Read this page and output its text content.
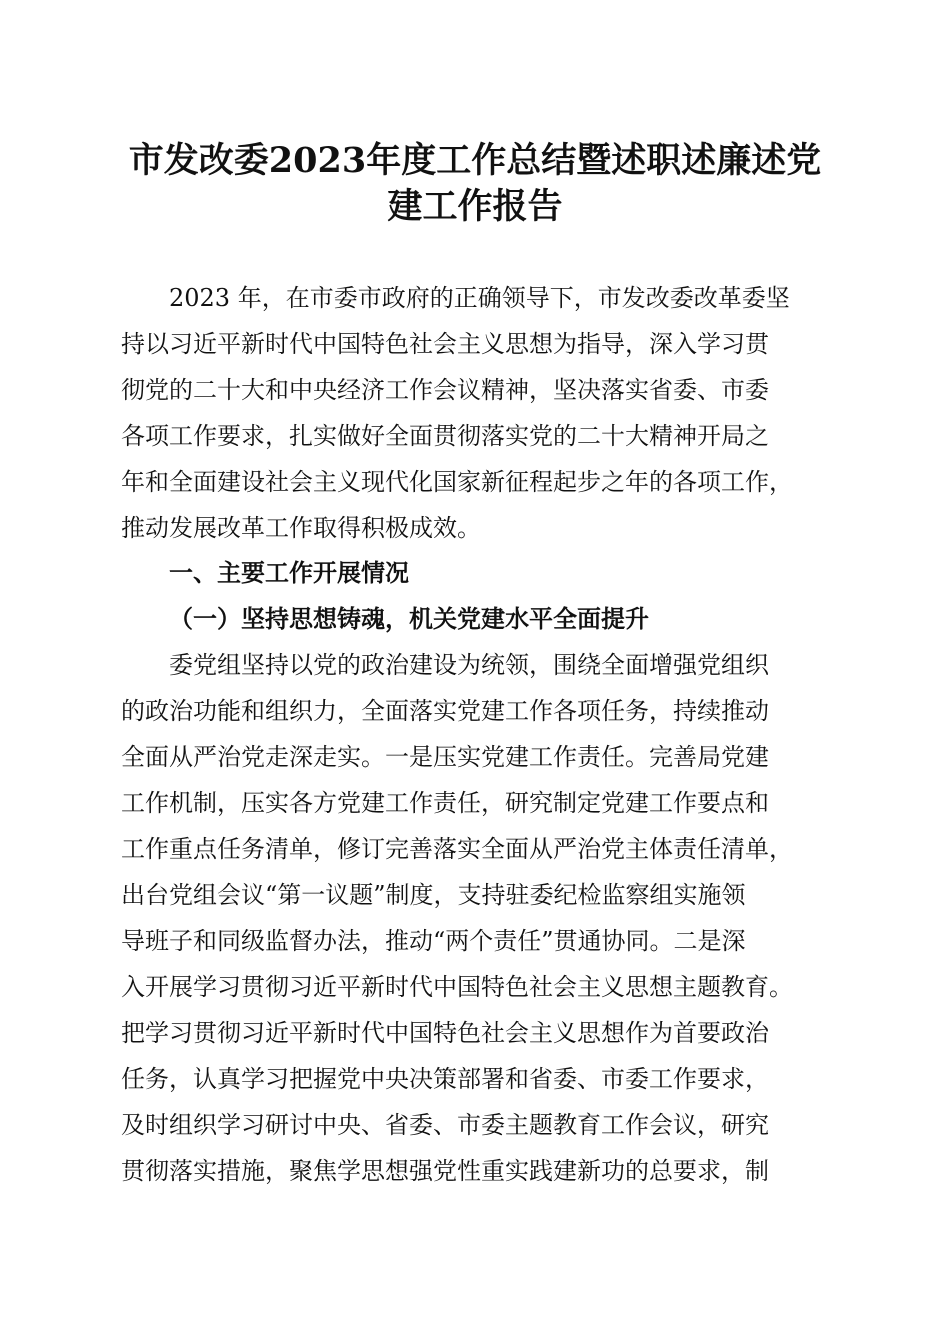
市发改委2023年度工作总结暨述职述廉述党
建工作报告
2023 年，在市委市政府的正确领导下，市发改委改革委坚
持以习近平新时代中国特色社会主义思想为指导，深入学习贯
彻党的二十大和中央经济工作会议精神，坚决落实省委、市委
各项工作要求，扎实做好全面贯彻落实党的二十大精神开局之
年和全面建设社会主义现代化国家新征程起步之年的各项工作，
推动发展改革工作取得积极成效。
一、主要工作开展情况
（一）坚持思想铸魂，机关党建水平全面提升
委党组坚持以党的政治建设为统领，围绕全面增强党组织
的政治功能和组织力，全面落实党建工作各项任务，持续推动
全面从严治党走深走实。一是压实党建工作责任。完善局党建
工作机制，压实各方党建工作责任，研究制定党建工作要点和
工作重点任务清单，修订完善落实全面从严治党主体责任清单，
出台党组会议“第一议题”制度，支持驻委纪检监察组实施领
导班子和同级监督办法，推动“两个责任”贯通协同。二是深
入开展学习贯彻习近平新时代中国特色社会主义思想主题教育。
把学习贯彻习近平新时代中国特色社会主义思想作为首要政治
任务，认真学习把握党中央决策部署和省委、市委工作要求，
及时组织学习研讨中央、省委、市委主题教育工作会议，研究
贯彻落实措施，聚焦学思想强党性重实践建新功的总要求，制
